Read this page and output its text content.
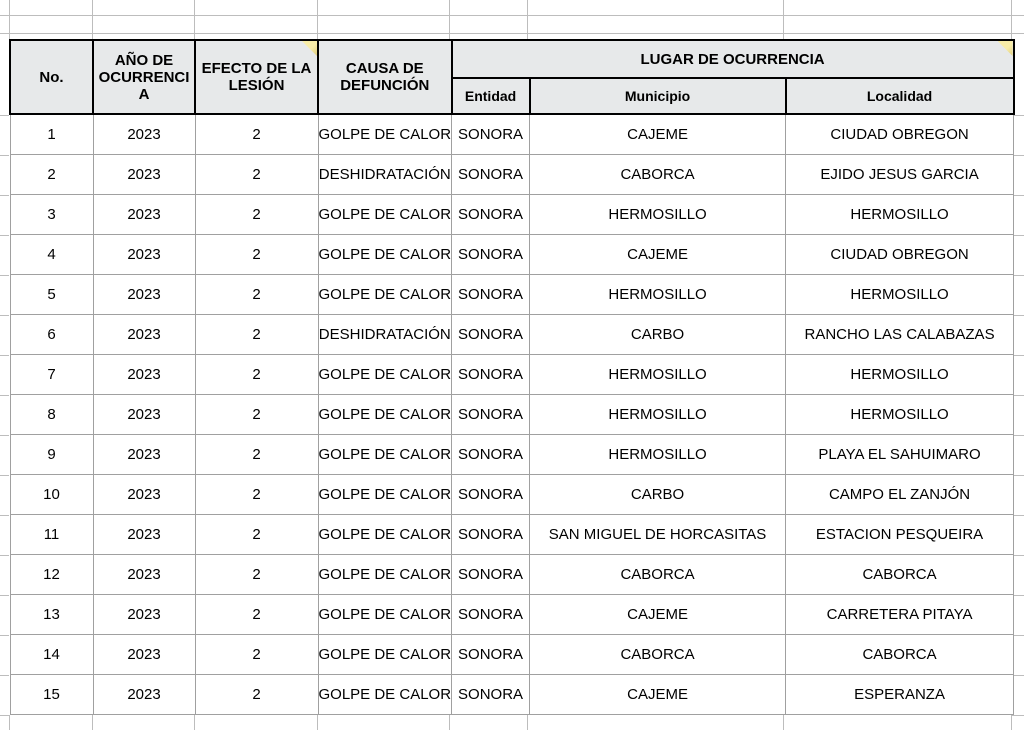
No.	
AÑO DE
OCURRENCI
A

EFECTO DE LA
LESIÓN

CAUSA DE
DEFUNCIÓN

LUGAR DE OCURRENCIA
				Entidad	Municipio	Localidad
1	2023	2	GOLPE DE CALOR	SONORA	CAJEME	CIUDAD OBREGON
2	2023	2	DESHIDRATACIÓN	SONORA	CABORCA	EJIDO JESUS GARCIA
3	2023	2	GOLPE DE CALOR	SONORA	HERMOSILLO	HERMOSILLO
4	2023	2	GOLPE DE CALOR	SONORA	CAJEME	CIUDAD OBREGON
5	2023	2	GOLPE DE CALOR	SONORA	HERMOSILLO	HERMOSILLO
6	2023	2	DESHIDRATACIÓN	SONORA	CARBO	RANCHO LAS CALABAZAS
7	2023	2	GOLPE DE CALOR	SONORA	HERMOSILLO	HERMOSILLO
8	2023	2	GOLPE DE CALOR	SONORA	HERMOSILLO	HERMOSILLO
9	2023	2	GOLPE DE CALOR	SONORA	HERMOSILLO	PLAYA EL SAHUIMARO
10	2023	2	GOLPE DE CALOR	SONORA	CARBO	CAMPO EL ZANJÓN
11	2023	2	GOLPE DE CALOR	SONORA	SAN MIGUEL DE HORCASITAS	ESTACION PESQUEIRA
12	2023	2	GOLPE DE CALOR	SONORA	CABORCA	CABORCA
13	2023	2	GOLPE DE CALOR	SONORA	CAJEME	CARRETERA PITAYA
14	2023	2	GOLPE DE CALOR	SONORA	CABORCA	CABORCA
15	2023	2	GOLPE DE CALOR	SONORA	CAJEME	ESPERANZA
